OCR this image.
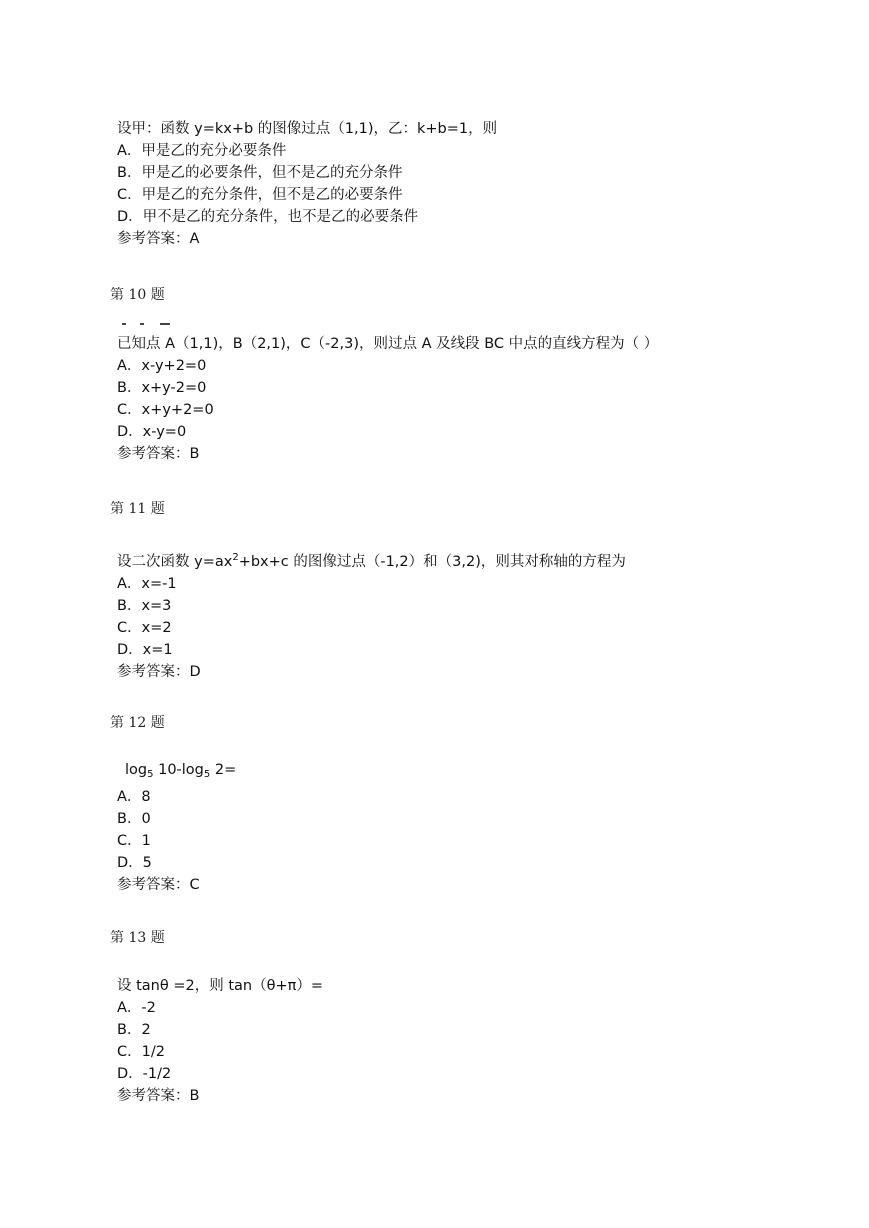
设甲：函数 y=kx+b 的图像过点（1,1)，乙：k+b=1，则
A．甲是乙的充分必要条件
B．甲是乙的必要条件，但不是乙的充分条件
C．甲是乙的充分条件，但不是乙的必要条件
D．甲不是乙的充分条件，也不是乙的必要条件
参考答案：A
第 10 题
已知点 A（1,1)，B（2,1)，C（-2,3)，则过点 A 及线段 BC 中点的直线方程为（ ）
A．x-y+2=0
B．x+y-2=0
C．x+y+2=0
D．x-y=0
参考答案：B
第 11 题
设二次函数 $y=ax^2+bx+c$ 的图像过点（-1,2）和（3,2)，则其对称轴的方程为
A．x=-1
B．x=3
C．x=2
D．x=1
参考答案：D
第 12 题
$\log_5 10-\log_5$ 2=
A．8
B．0
C．1
D．5
参考答案：C
第 13 题
设 tanθ =2，则 tan（θ+π）=
A．-2
B．2
C．1/2
D．-1/2
参考答案：B
